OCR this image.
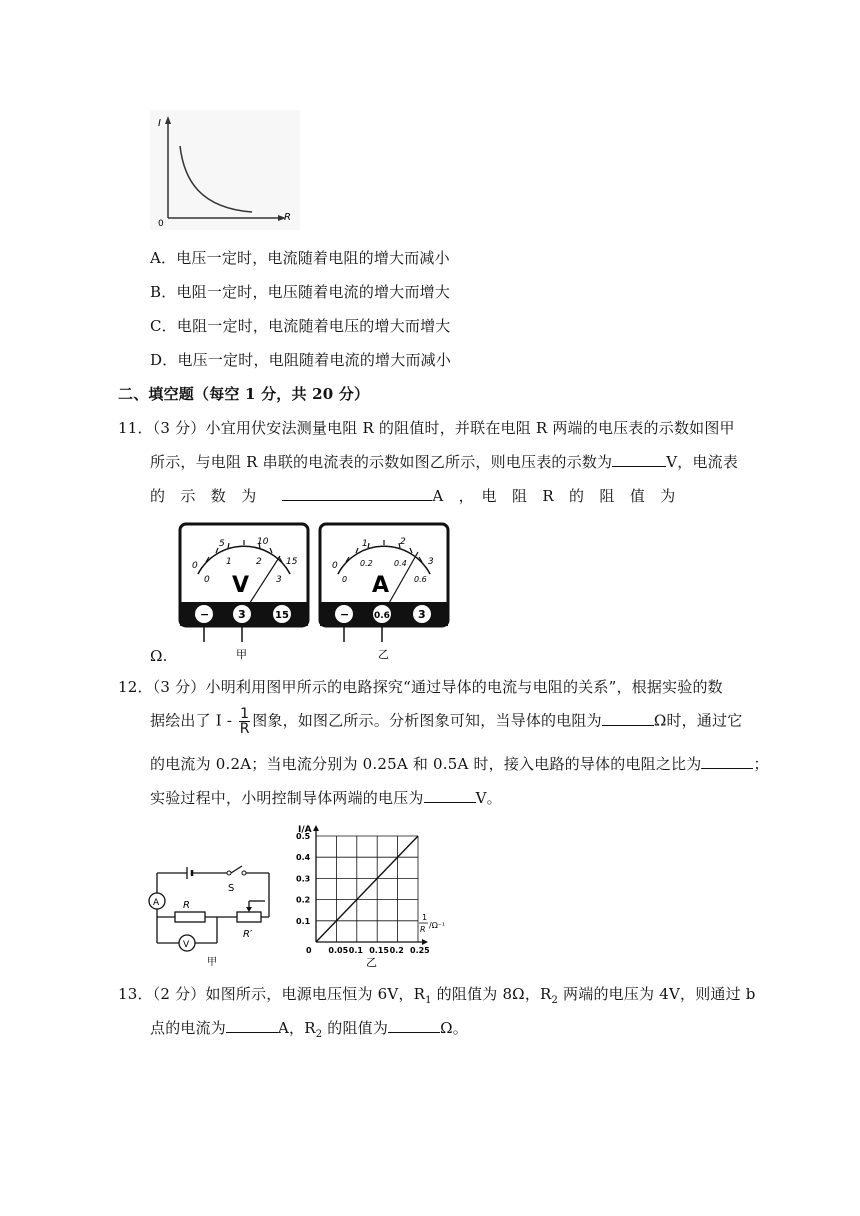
I
0
R
A．电压一定时，电流随着电阻的增大而减小
B．电阻一定时，电压随着电流的增大而增大
C．电阻一定时，电流随着电压的增大而增大
D．电压一定时，电阻随着电流的增大而减小
二、填空题（每空 1 分，共 20 分）
11．（3 分）小宜用伏安法测量电阻 R 的阻值时，并联在电阻 R 两端的电压表的示数如图甲
所示，与电阻 R 串联的电流表的示数如图乙所示，则电压表的示数为	V，电流表
的　示　数　为	A　，　电　阻　R　的　阻　值　为
0
5	10
15
0
1	2
3
V
−	3	15
甲
0
1	2
3
0
0.2	0.4
0.6
A
−	0.6	3
乙
Ω.
12．（3 分）小明利用图甲所示的电路探究“通过导体的电流与电阻的关系”，根据实验的数
据绘出了 I - $\frac{1}{R}$ 图象，如图乙所示。分析图象可知，当导体的电阻为	Ω时，通过它
的电流为 0.2A；当电流分别为 0.25A 和 0.5A 时，接入电路的导体的电阻之比为	；
实验过程中，小明控制导体两端的电压为	V。
S
A R
R′
V
甲
I/A
0 0.05 0.1 0.15 0.2 0.25
0.5
0.4
0.3
0.2
0.1	1
R /Ω⁻¹
乙
13．（2 分）如图所示，电源电压恒为 6V，$R_1$ 的阻值为 8Ω，$R_2$ 两端的电压为 4V，则通过 b
点的电流为	A，$R_2$ 的阻值为	Ω。
